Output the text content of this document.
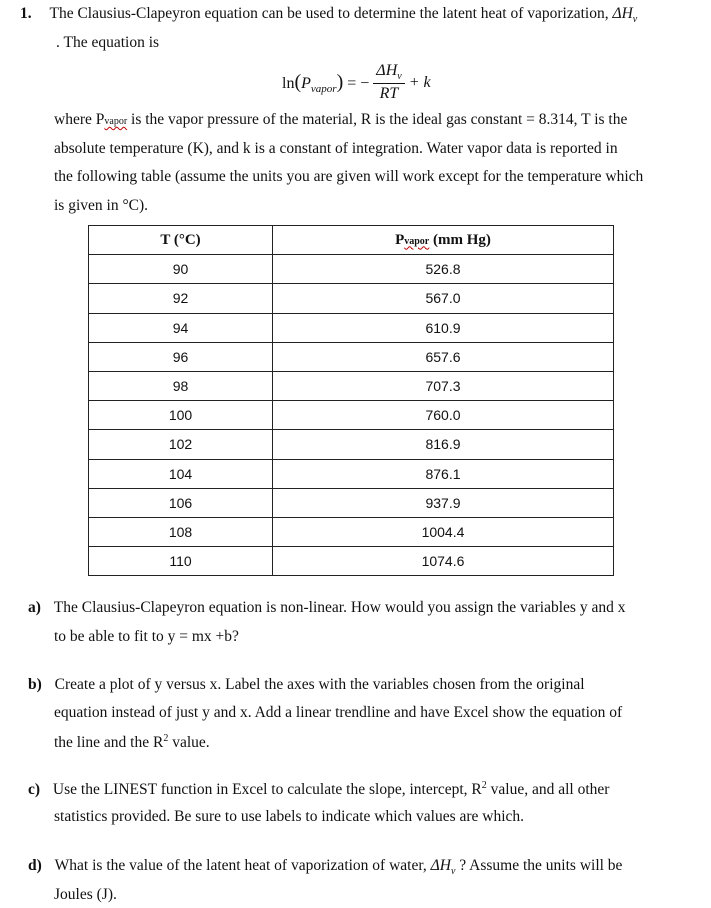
1. The Clausius-Clapeyron equation can be used to determine the latent heat of vaporization, $\Delta H_v$
. The equation is
$\ln(P_{vapor})$ = − $\frac{\Delta H_v}{RT} + k$
where Pvapor is the vapor pressure of the material, R is the ideal gas constant = 8.314, T is the
absolute temperature (K), and k is a constant of integration. Water vapor data is reported in
the following table (assume the units you are given will work except for the temperature which
is given in °C).
T (°C)	Pvapor (mm Hg)
90	526.8
92	567.0
94	610.9
96	657.6
98	707.3
100	760.0
102	816.9
104	876.1
106	937.9
108	1004.4
110	1074.6
a) The Clausius-Clapeyron equation is non-linear. How would you assign the variables y and x
to be able to fit to y = mx +b?
b) Create a plot of y versus x. Label the axes with the variables chosen from the original
equation instead of just y and x. Add a linear trendline and have Excel show the equation of
the line and the $R^2$ value.
c) Use the LINEST function in Excel to calculate the slope, intercept, $R^2$ value, and all other
statistics provided. Be sure to use labels to indicate which values are which.
d) What is the value of the latent heat of vaporization of water, $\Delta H_v$ ? Assume the units will be
Joules (J).
